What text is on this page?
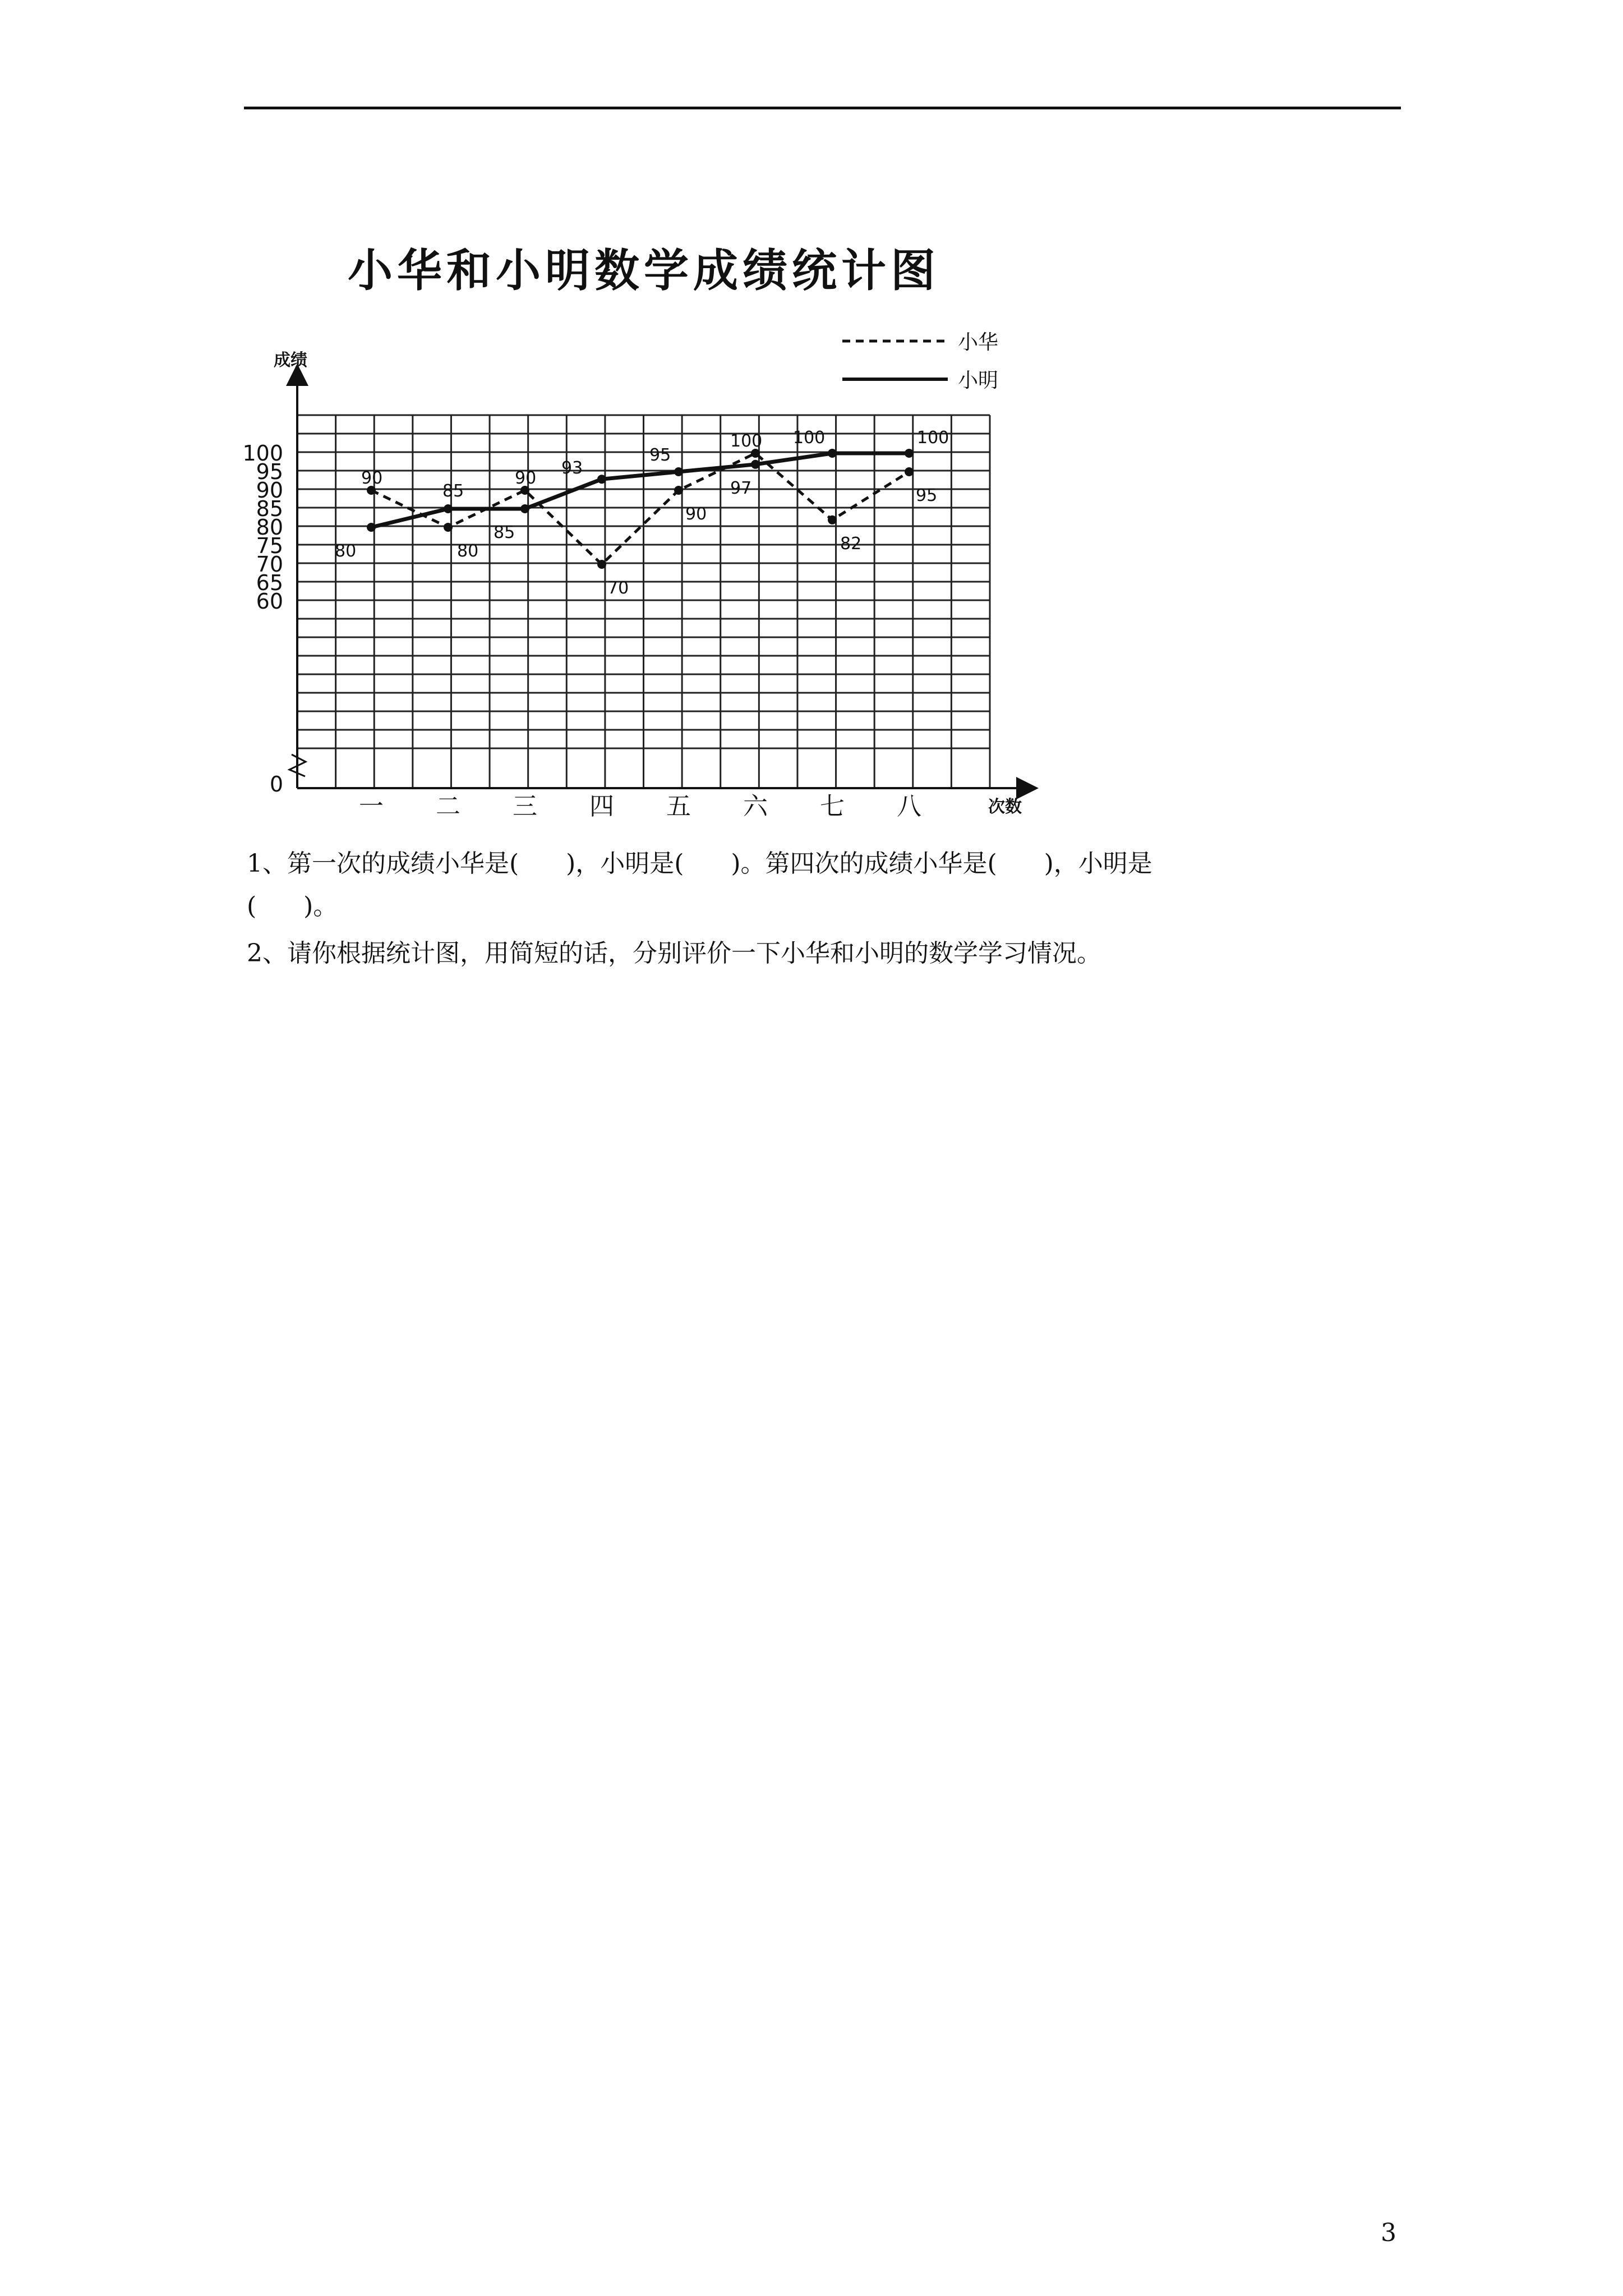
小华和小明数学成绩统计图
成绩
次数
0
60
65
70
75
80
85
90
95
100
一 二 三 四 五 六 七 八
90
80
90
70
90
100
82
95
80
85
85
93
95
97
100	100
小华
小明
1、第一次的成绩小华是(      )，小明是(      )。第四次的成绩小华是(      )，小明是
(      )。
2、请你根据统计图，用简短的话，分别评价一下小华和小明的数学学习情况。
3
